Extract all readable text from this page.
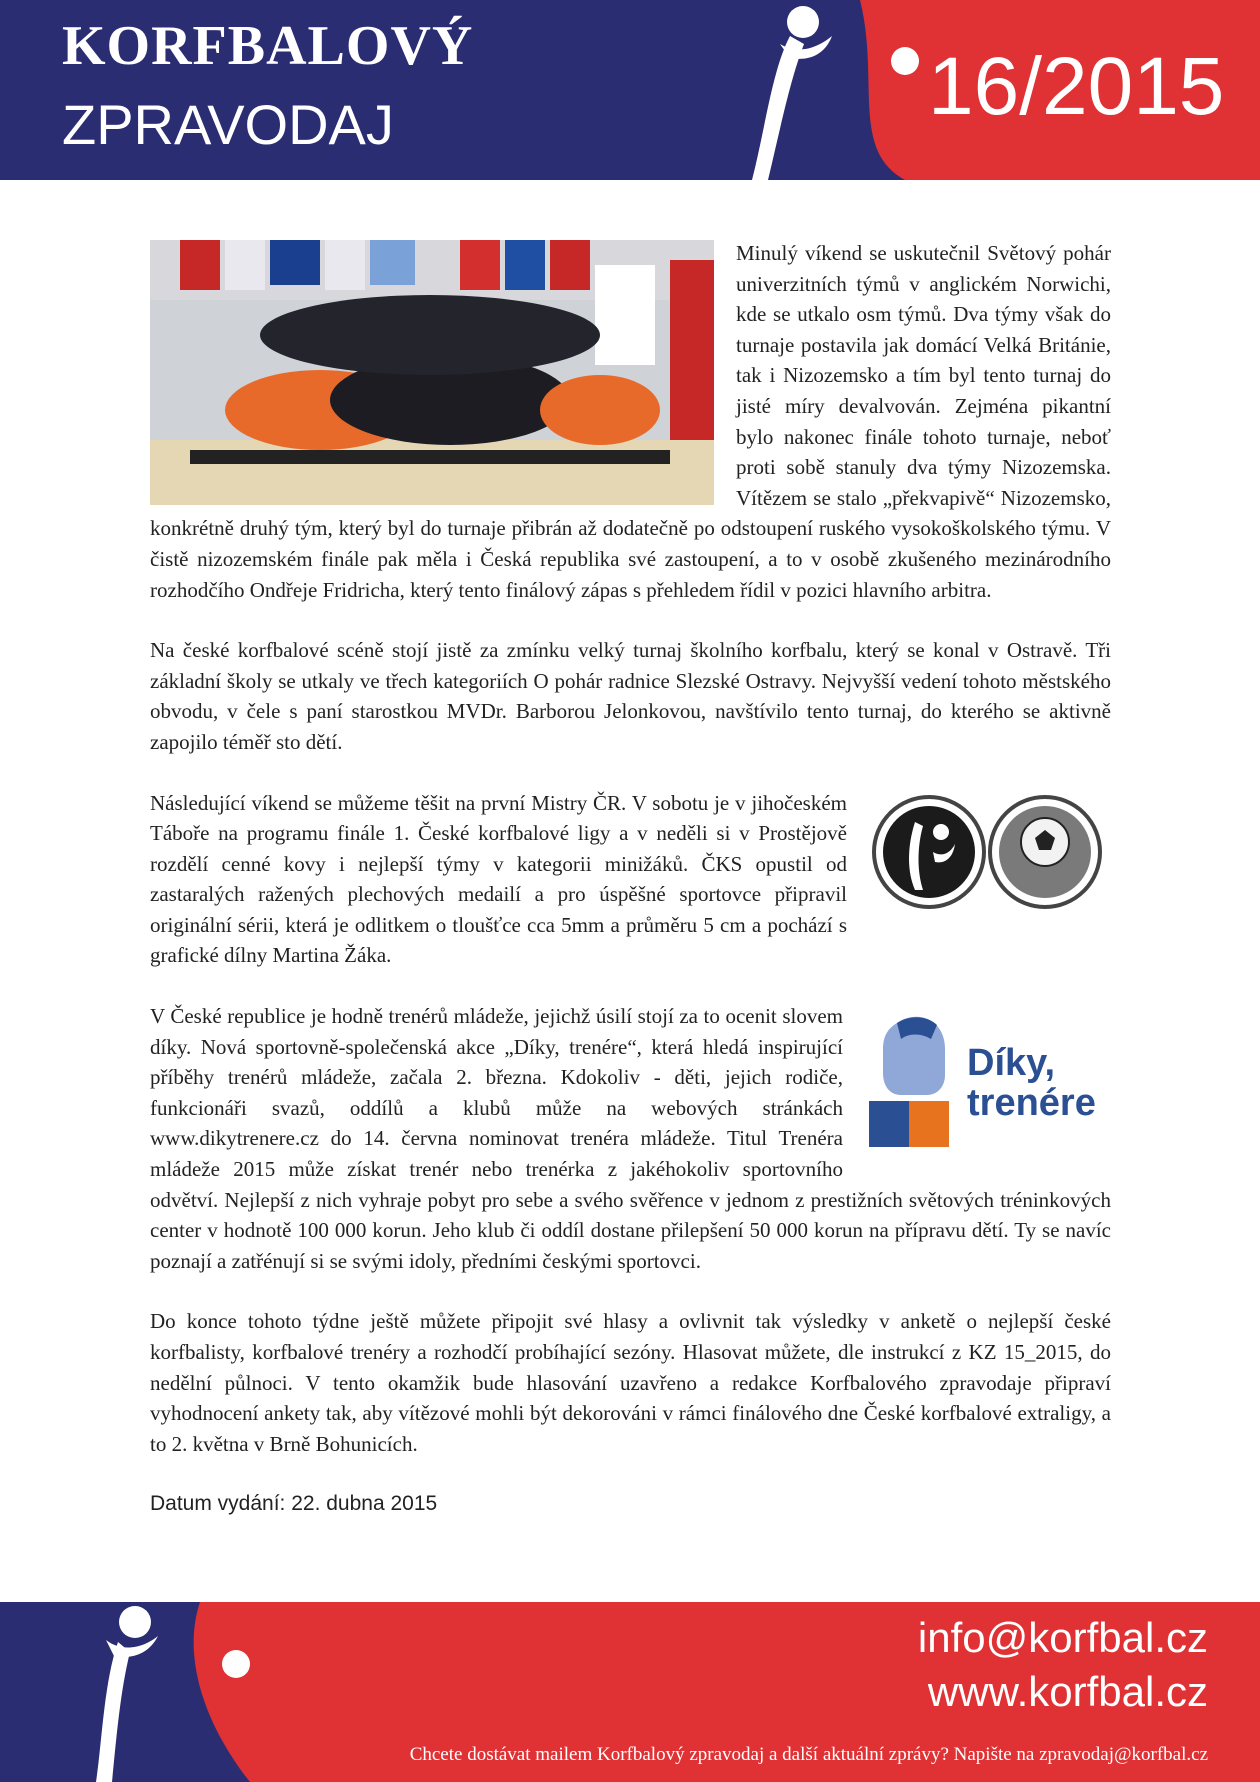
KORFBALOVÝ
ZPRAVODAJ	16/2015

Minulý víkend se uskutečnil Světový pohár univerzitních týmů v anglickém Norwichi, kde se utkalo osm týmů. Dva týmy však do turnaje postavila jak domácí Velká Británie, tak i Nizozemsko a tím byl tento turnaj do jisté míry devalvován. Zejména pikantní bylo nakonec finále tohoto turnaje, neboť proti sobě stanuly dva týmy Nizozemska. Vítězem se stalo „překvapivě“ Nizozemsko, konkrétně druhý tým, který byl do turnaje přibrán až dodatečně po odstoupení ruského vysokoškolského týmu. V čistě nizozemském finále pak měla i Česká republika své zastoupení, a to v osobě zkušeného mezinárodního rozhodčího Ondřeje Fridricha, který tento finálový zápas s přehledem řídil v pozici hlavního arbitra.

Na české korfbalové scéně stojí jistě za zmínku velký turnaj školního korfbalu, který se konal v Ostravě. Tři základní školy se utkaly ve třech kategoriích O pohár radnice Slezské Ostravy. Nejvyšší vedení tohoto městského obvodu, v čele s paní starostkou MVDr. Barborou Jelonkovou, navštívilo tento turnaj, do kterého se aktivně zapojilo téměř sto dětí.

Následující víkend se můžeme těšit na první Mistry ČR. V sobotu je v jihočeském Táboře na programu finále 1. České korfbalové ligy a v neděli si v Prostějově rozdělí cenné kovy i nejlepší týmy v kategorii minižáků. ČKS opustil od zastaralých ražených plechových medailí a pro úspěšné sportovce připravil originální sérii, která je odlitkem o tloušťce cca 5mm a průměru 5 cm a pochází s grafické dílny Martina Žáka.

Díky,
trenére
V České republice je hodně trenérů mládeže, jejichž úsilí stojí za to ocenit slovem díky. Nová sportovně-společenská akce „Díky, trenére“, která hledá inspirující příběhy trenérů mládeže, začala 2. března. Kdokoliv - děti, jejich rodiče, funkcionáři svazů, oddílů a klubů může na webových stránkách www.dikytrenere.cz do 14. června nominovat trenéra mládeže. Titul Trenéra mládeže 2015 může získat trenér nebo trenérka z jakéhokoliv sportovního odvětví. Nejlepší z nich vyhraje pobyt pro sebe a svého svěřence v jednom z prestižních světových tréninkových center v hodnotě 100 000 korun. Jeho klub či oddíl dostane přilepšení 50 000 korun na přípravu dětí. Ty se navíc poznají a zatřénují si se svými idoly, předními českými sportovci.

Do konce tohoto týdne ještě můžete připojit své hlasy a ovlivnit tak výsledky v anketě o nejlepší české korfbalisty, korfbalové trenéry a rozhodčí probíhající sezóny. Hlasovat můžete, dle instrukcí z KZ 15_2015, do nedělní půlnoci. V tento okamžik bude hlasování uzavřeno a redakce Korfbalového zpravodaje připraví vyhodnocení ankety tak, aby vítězové mohli být dekorováni v rámci finálového dne České korfbalové extraligy, a to 2. května v Brně Bohunicích.

Datum vydání: 22. dubna 2015
info@korfbal.cz
www.korfbal.cz
Chcete dostávat mailem Korfbalový zpravodaj a další aktuální zprávy? Napište na zpravodaj@korfbal.cz
